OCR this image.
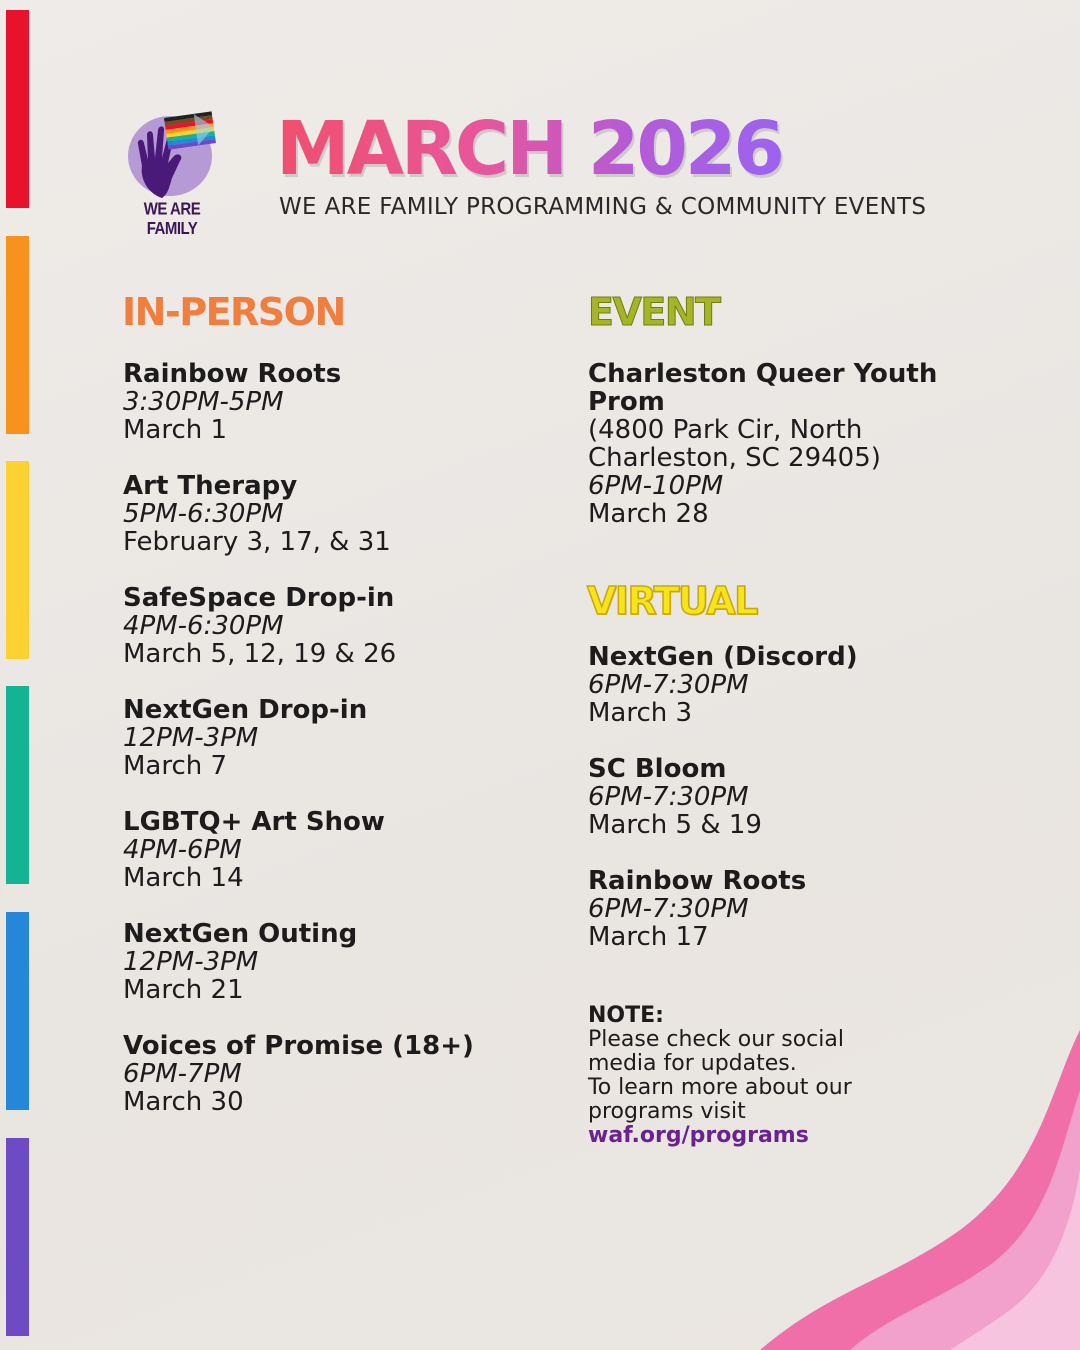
WE ARE FAMILY
MARCH 2026
WE ARE FAMILY PROGRAMMING & COMMUNITY EVENTS
IN-PERSON
Rainbow Roots
3:30PM-5PM
March 1
Art Therapy
5PM-6:30PM
February 3, 17, & 31
SafeSpace Drop-in
4PM-6:30PM
March 5, 12, 19 & 26
NextGen Drop-in
12PM-3PM
March 7
LGBTQ+ Art Show
4PM-6PM
March 14
NextGen Outing
12PM-3PM
March 21
Voices of Promise (18+)
6PM-7PM
March 30
EVENT
Charleston Queer Youth
Prom
(4800 Park Cir, North
Charleston, SC 29405)
6PM-10PM
March 28
VIRTUAL
NextGen (Discord)
6PM-7:30PM
March 3
SC Bloom
6PM-7:30PM
March 5 & 19
Rainbow Roots
6PM-7:30PM
March 17
NOTE:
Please check our social
media for updates.
To learn more about our
programs visit
waf.org/programs
